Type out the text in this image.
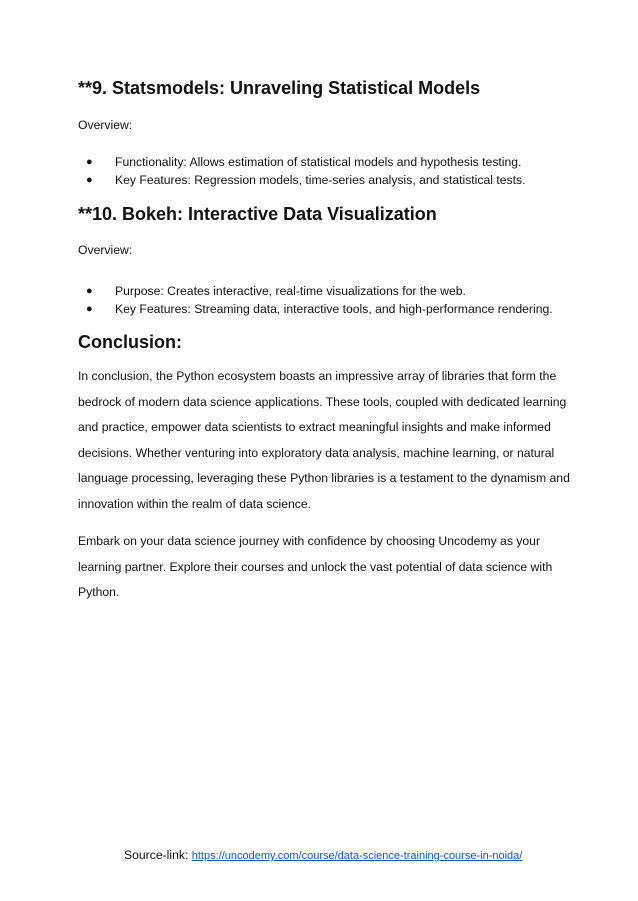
**9. Statsmodels: Unraveling Statistical Models

Overview:

● Functionality: Allows estimation of statistical models and hypothesis testing.
● Key Features: Regression models, time-series analysis, and statistical tests.
**10. Bokeh: Interactive Data Visualization

Overview:

● Purpose: Creates interactive, real-time visualizations for the web.
● Key Features: Streaming data, interactive tools, and high-performance rendering.
Conclusion:
In conclusion, the Python ecosystem boasts an impressive array of libraries that form the
bedrock of modern data science applications. These tools, coupled with dedicated learning
and practice, empower data scientists to extract meaningful insights and make informed
decisions. Whether venturing into exploratory data analysis, machine learning, or natural
language processing, leveraging these Python libraries is a testament to the dynamism and
innovation within the realm of data science.
Embark on your data science journey with confidence by choosing Uncodemy as your
learning partner. Explore their courses and unlock the vast potential of data science with
Python.
Source-link: https://uncodemy.com/course/data-science-training-course-in-noida/
